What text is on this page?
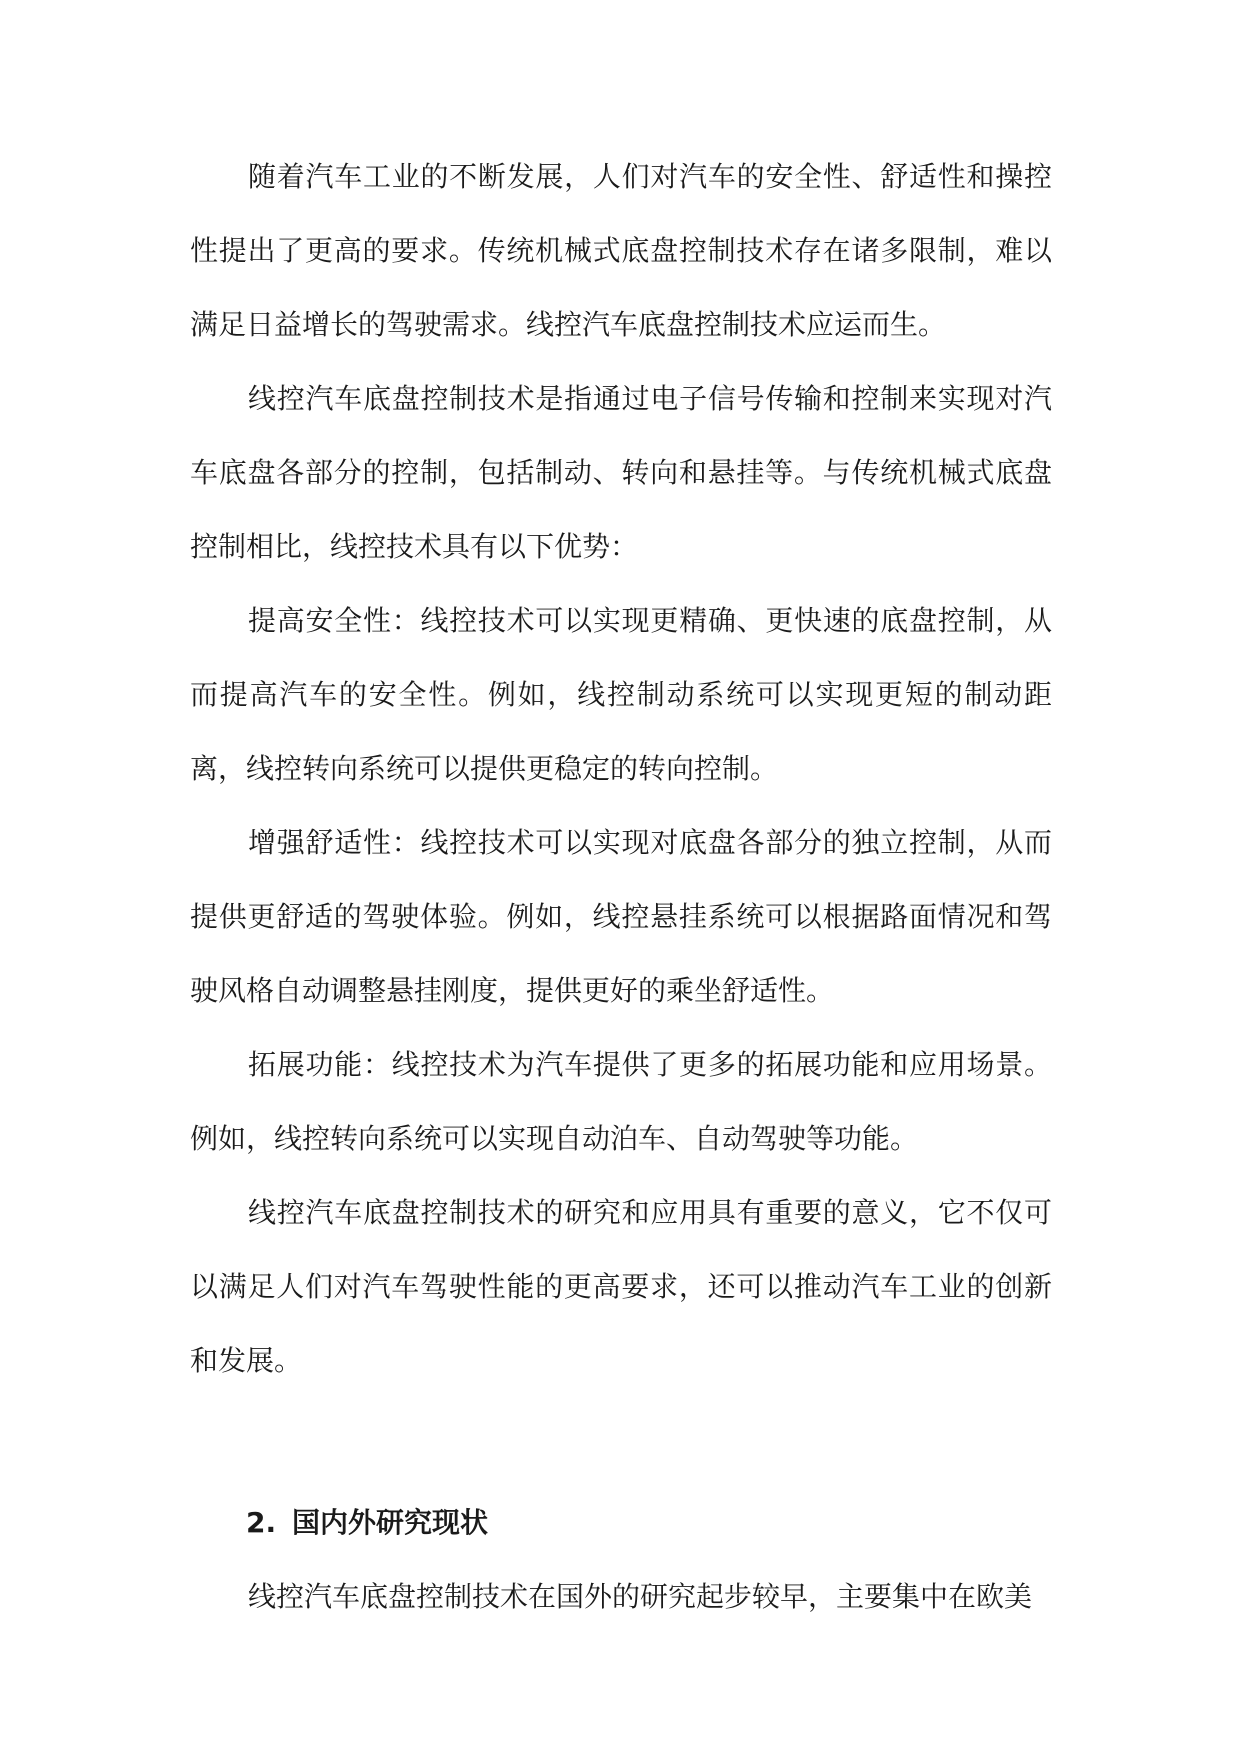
随着汽车工业的不断发展，人们对汽车的安全性、舒适性和操控性提出了更高的要求。传统机械式底盘控制技术存在诸多限制，难以满足日益增长的驾驶需求。线控汽车底盘控制技术应运而生。

线控汽车底盘控制技术是指通过电子信号传输和控制来实现对汽车底盘各部分的控制，包括制动、转向和悬挂等。与传统机械式底盘控制相比，线控技术具有以下优势：

提高安全性：线控技术可以实现更精确、更快速的底盘控制，从而提高汽车的安全性。例如，线控制动系统可以实现更短的制动距离，线控转向系统可以提供更稳定的转向控制。

增强舒适性：线控技术可以实现对底盘各部分的独立控制，从而提供更舒适的驾驶体验。例如，线控悬挂系统可以根据路面情况和驾驶风格自动调整悬挂刚度，提供更好的乘坐舒适性。

拓展功能：线控技术为汽车提供了更多的拓展功能和应用场景。例如，线控转向系统可以实现自动泊车、自动驾驶等功能。

线控汽车底盘控制技术的研究和应用具有重要的意义，它不仅可以满足人们对汽车驾驶性能的更高要求，还可以推动汽车工业的创新和发展。

2. 国内外研究现状

线控汽车底盘控制技术在国外的研究起步较早，主要集中在欧美
